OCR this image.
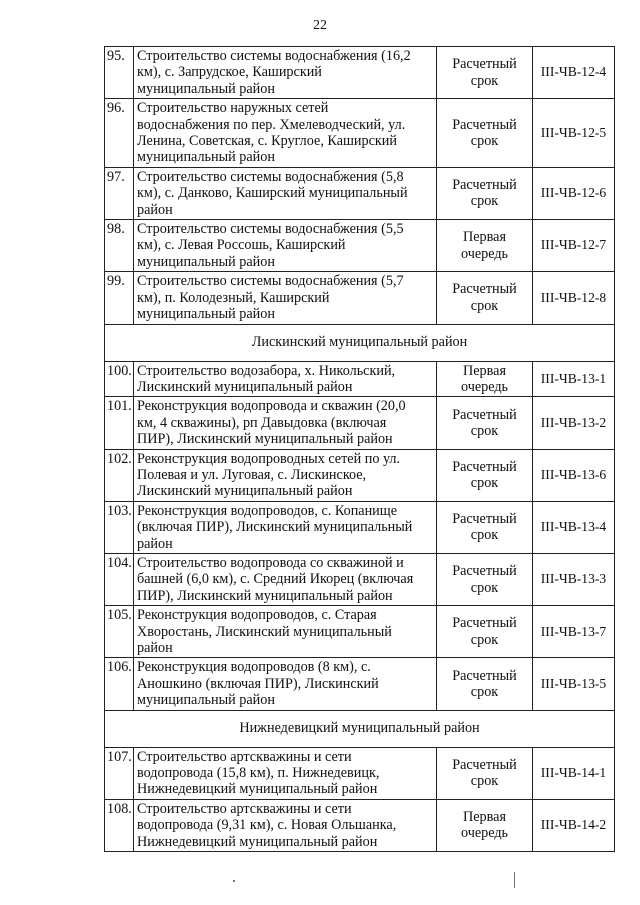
22
95.	Строительство системы водоснабжения (16,2
км), с. Запрудское, Каширский
муниципальный район	Расчетный
срок	III-ЧВ-12-4
96.	Строительство наружных сетей
водоснабжения по пер. Хмелеводческий, ул.
Ленина, Советская, с. Круглое, Каширский
муниципальный район	Расчетный
срок	III-ЧВ-12-5
97.	Строительство системы водоснабжения (5,8
км), с. Данково, Каширский муниципальный
район	Расчетный
срок	III-ЧВ-12-6
98.	Строительство системы водоснабжения (5,5
км), с. Левая Россошь, Каширский
муниципальный район	Первая
очередь	III-ЧВ-12-7
99.	Строительство системы водоснабжения (5,7
км), п. Колодезный, Каширский
муниципальный район	Расчетный
срок	III-ЧВ-12-8
Лискинский муниципальный район			
100.	Строительство водозабора, х. Никольский,
Лискинский муниципальный район	Первая
очередь	III-ЧВ-13-1
101.	Реконструкция водопровода и скважин (20,0
км, 4 скважины), рп Давыдовка (включая
ПИР), Лискинский муниципальный район	Расчетный
срок	III-ЧВ-13-2
102.	Реконструкция водопроводных сетей по ул.
Полевая и ул. Луговая, с. Лискинское,
Лискинский муниципальный район	Расчетный
срок	III-ЧВ-13-6
103.	Реконструкция водопроводов, с. Копанище
(включая ПИР), Лискинский муниципальный
район	Расчетный
срок	III-ЧВ-13-4
104.	Строительство водопровода со скважиной и
башней (6,0 км), с. Средний Икорец (включая
ПИР), Лискинский муниципальный район	Расчетный
срок	III-ЧВ-13-3
105.	Реконструкция водопроводов, с. Старая
Хворостань, Лискинский муниципальный
район	Расчетный
срок	III-ЧВ-13-7
106.	Реконструкция водопроводов (8 км), с.
Аношкино (включая ПИР), Лискинский
муниципальный район	Расчетный
срок	III-ЧВ-13-5
Нижнедевицкий муниципальный район			
107.	Строительство артскважины и сети
водопровода (15,8 км), п. Нижнедевицк,
Нижнедевицкий муниципальный район	Расчетный
срок	III-ЧВ-14-1
108.	Строительство артскважины и сети
водопровода (9,31 км), с. Новая Ольшанка,
Нижнедевицкий муниципальный район	Первая
очередь	III-ЧВ-14-2
